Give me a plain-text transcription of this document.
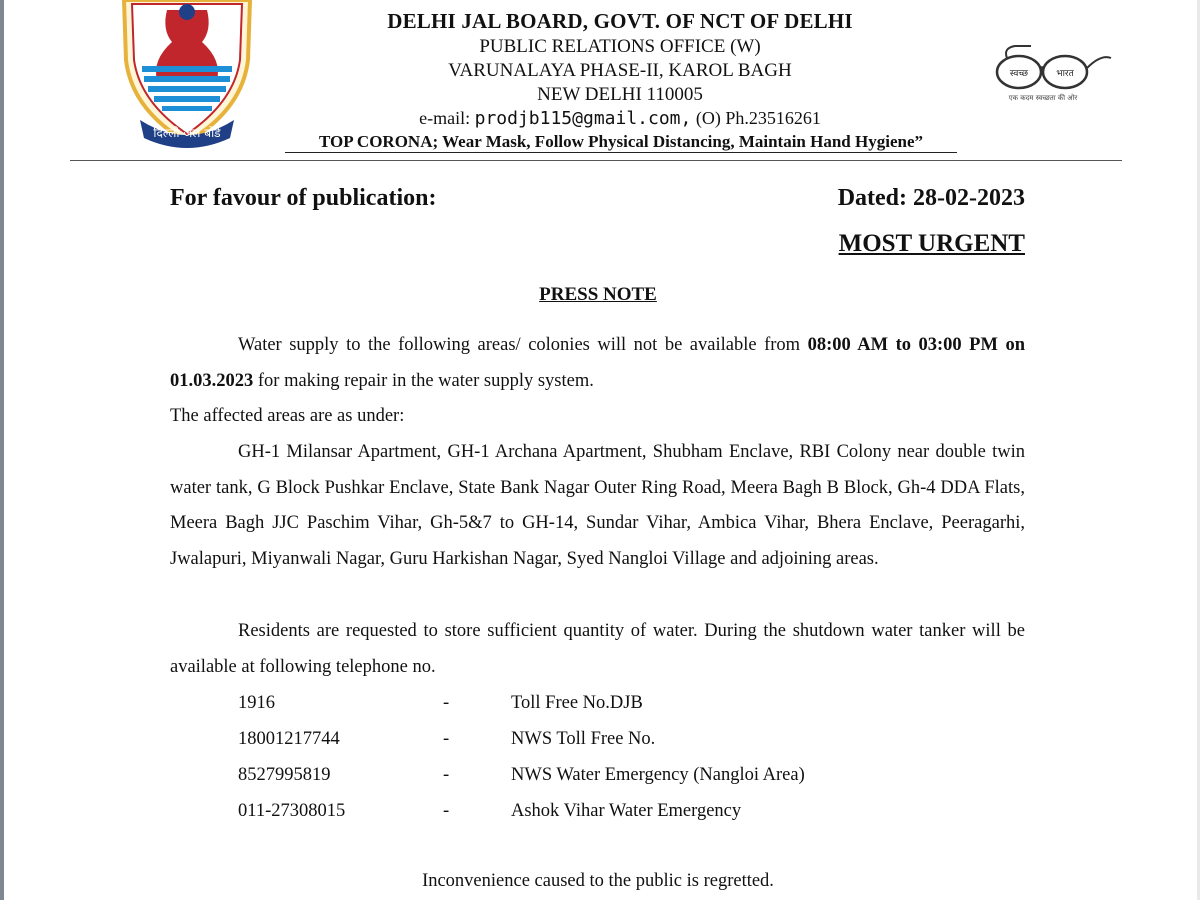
दिल्ली जल बोर्ड
DELHI JAL BOARD, GOVT. OF NCT OF DELHI
PUBLIC RELATIONS OFFICE (W)
VARUNALAYA PHASE-II, KAROL BAGH
NEW DELHI 110005
e-mail: prodjb115@gmail.com, (O) Ph.23516261
TOP CORONA; Wear Mask, Follow Physical Distancing, Maintain Hand Hygiene”
स्वच्छ	भारत
एक कदम स्वच्छता की ओर
For favour of publication:	Dated: 28-02-2023
MOST URGENT
PRESS NOTE
Water supply to the following areas/ colonies will not be available from 08:00 AM to 03:00 PM on 01.03.2023 for making repair in the water supply system.
The affected areas are as under:
GH-1 Milansar Apartment, GH-1 Archana Apartment, Shubham Enclave, RBI Colony near double twin water tank, G Block Pushkar Enclave, State Bank Nagar Outer Ring Road, Meera Bagh B Block, Gh-4 DDA Flats, Meera Bagh JJC Paschim Vihar, Gh-5&7 to GH-14, Sundar Vihar, Ambica Vihar, Bhera Enclave, Peeragarhi, Jwalapuri, Miyanwali Nagar, Guru Harkishan Nagar, Syed Nangloi Village and adjoining areas.
Residents are requested to store sufficient quantity of water. During the shutdown water tanker will be available at following telephone no.
1916	-	Toll Free No.DJB
18001217744	-	NWS Toll Free No.
8527995819	-	NWS Water Emergency (Nangloi Area)
011-27308015	-	Ashok Vihar Water Emergency
Inconvenience caused to the public is regretted.
